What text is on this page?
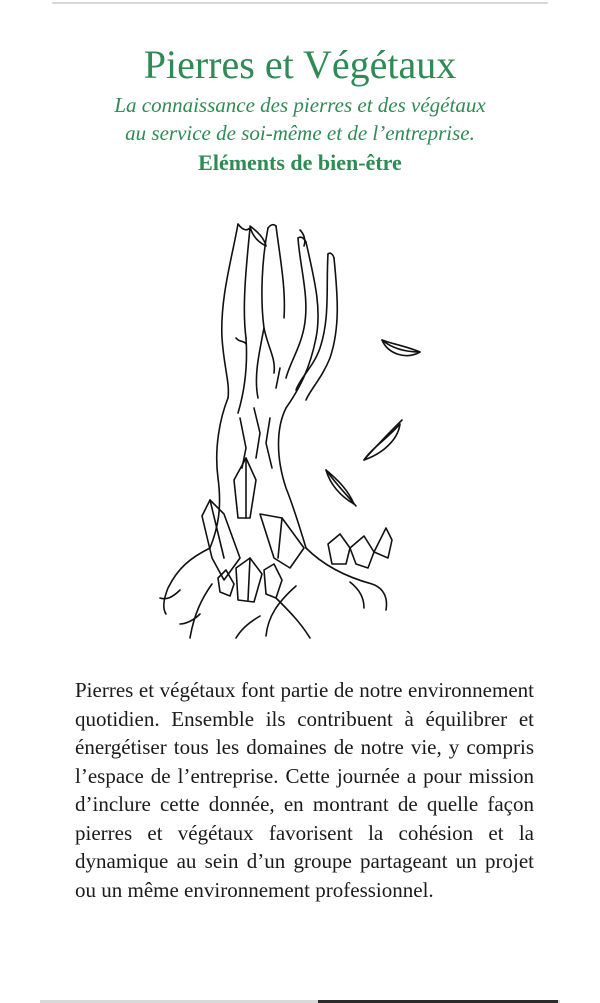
Pierres et Végétaux
La connaissance des pierres et des végétaux
au service de soi-même et de l’entreprise.
Eléments de bien-être

Pierres et végétaux font partie de notre environnement quotidien. Ensemble ils contribuent à équilibrer et énergétiser tous les domaines de notre vie, y compris l’espace de l’entreprise. Cette journée a pour mission d’inclure cette donnée, en montrant de quelle façon pierres et végétaux favorisent la cohésion et la dynamique au sein d’un groupe partageant un projet ou un même environnement professionnel.
